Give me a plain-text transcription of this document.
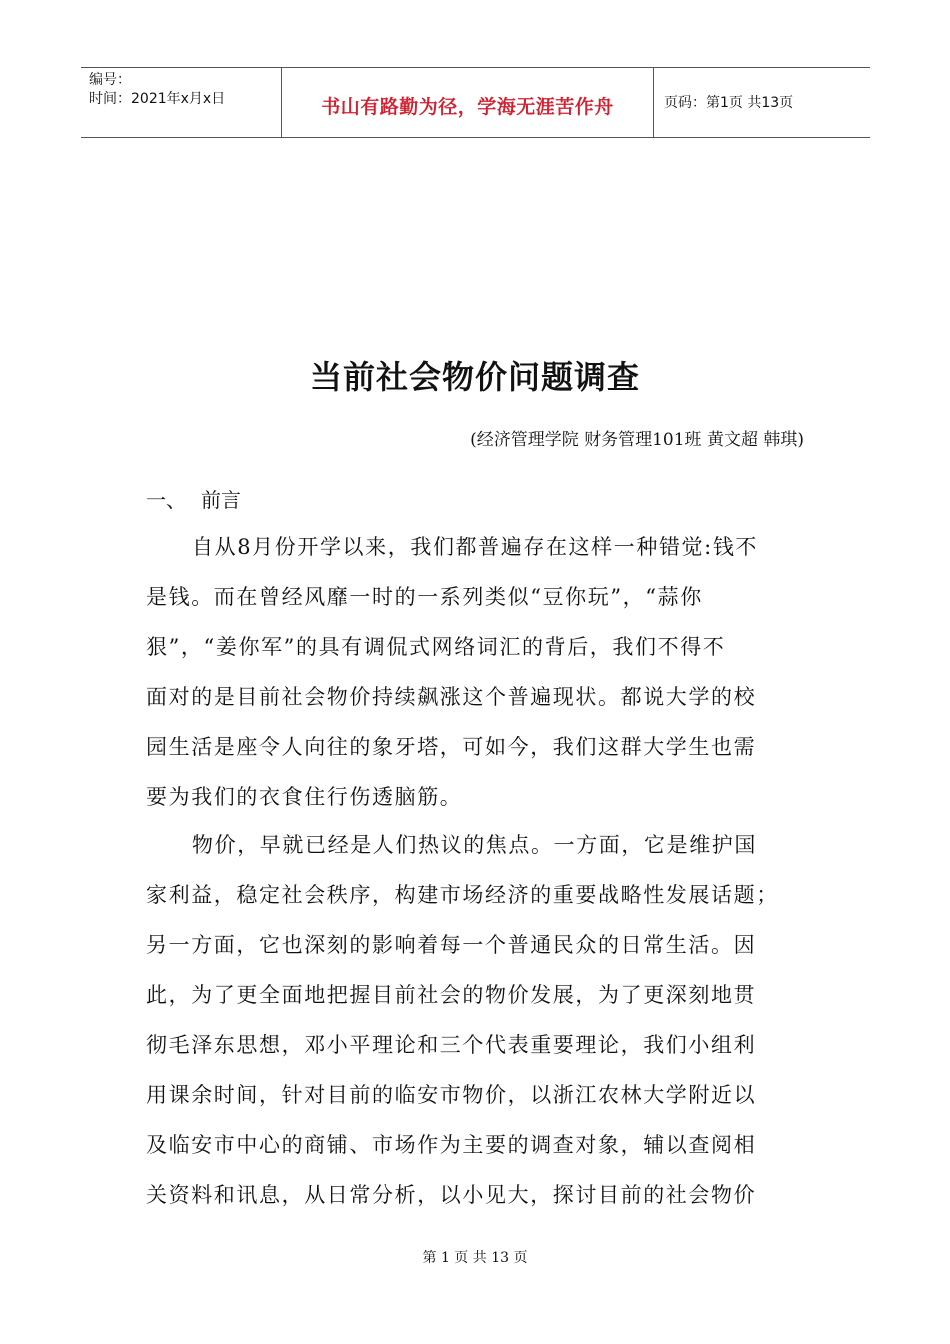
编号：
时间：2021年x月x日	书山有路勤为径，学海无涯苦作舟	页码：第1页 共13页
当前社会物价问题调查
(经济管理学院 财务管理101班 黄文超 韩琪)
一、 前言
自从8月份开学以来，我们都普遍存在这样一种错觉:钱不
是钱。而在曾经风靡一时的一系列类似“豆你玩”，“蒜你
狠”，“姜你军”的具有调侃式网络词汇的背后，我们不得不
面对的是目前社会物价持续飙涨这个普遍现状。都说大学的校
园生活是座令人向往的象牙塔，可如今，我们这群大学生也需
要为我们的衣食住行伤透脑筋。
物价，早就已经是人们热议的焦点。一方面，它是维护国
家利益，稳定社会秩序，构建市场经济的重要战略性发展话题；
另一方面，它也深刻的影响着每一个普通民众的日常生活。因
此，为了更全面地把握目前社会的物价发展，为了更深刻地贯
彻毛泽东思想，邓小平理论和三个代表重要理论，我们小组利
用课余时间，针对目前的临安市物价，以浙江农林大学附近以
及临安市中心的商铺、市场作为主要的调查对象，辅以查阅相
关资料和讯息，从日常分析，以小见大，探讨目前的社会物价
第 1 页 共 13 页
